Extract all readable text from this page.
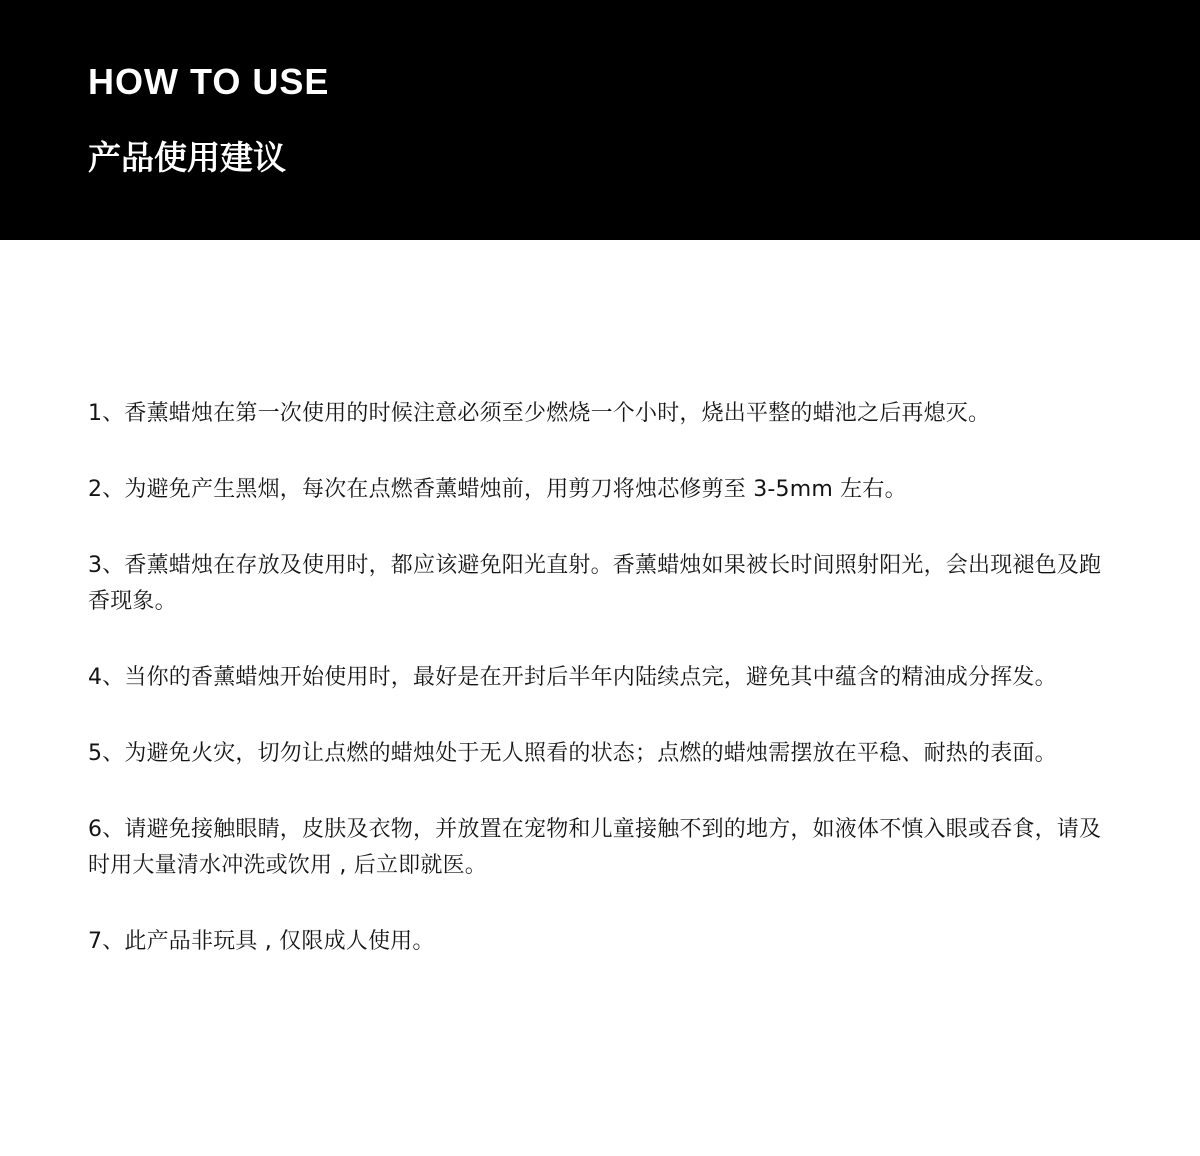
HOW TO USE
产品使用建议
1、香薰蜡烛在第一次使用的时候注意必须至少燃烧一个小时，烧出平整的蜡池之后再熄灭。
2、为避免产生黑烟，每次在点燃香薰蜡烛前，用剪刀将烛芯修剪至 3-5mm 左右。
3、香薰蜡烛在存放及使用时，都应该避免阳光直射。香薰蜡烛如果被长时间照射阳光，会出现褪色及跑香现象。
4、当你的香薰蜡烛开始使用时，最好是在开封后半年内陆续点完，避免其中蕴含的精油成分挥发。
5、为避免火灾，切勿让点燃的蜡烛处于无人照看的状态；点燃的蜡烛需摆放在平稳、耐热的表面。
6、请避免接触眼睛，皮肤及衣物，并放置在宠物和儿童接触不到的地方，如液体不慎入眼或吞食，请及时用大量清水冲洗或饮用 , 后立即就医。
7、此产品非玩具 , 仅限成人使用。
